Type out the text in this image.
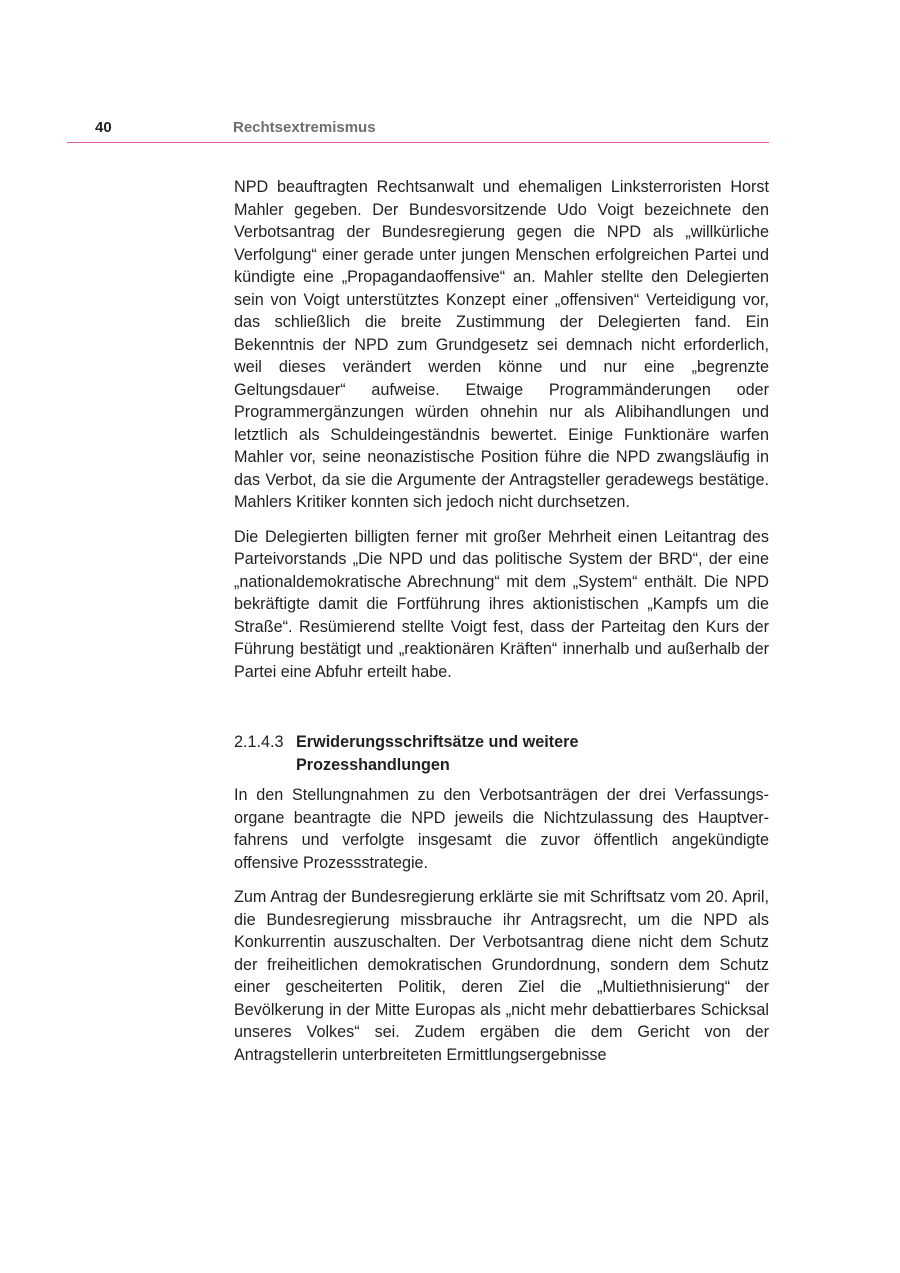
40	Rechtsextremismus

NPD beauftragten Rechtsanwalt und ehemaligen Linksterroristen Horst Mahler gegeben. Der Bundesvorsitzende Udo Voigt bezeichnete den Verbotsantrag der Bundesregierung gegen die NPD als „willkürliche Verfolgung“ einer gerade unter jungen Menschen erfolgreichen Partei und kündigte eine „Propagandaoffensive“ an. Mahler stellte den Delegierten sein von Voigt unterstütztes Konzept einer „offensiven“ Verteidigung vor, das schließlich die breite Zustimmung der Delegierten fand. Ein Bekenntnis der NPD zum Grundgesetz sei demnach nicht erforderlich, weil dieses verändert werden könne und nur eine „begrenzte Geltungsdauer“ aufweise. Etwaige Programmänderungen oder Programmergänzungen würden ohnehin nur als Alibihandlungen und letztlich als Schuldeingeständnis bewertet. Einige Funktionäre warfen Mahler vor, seine neonazistische Position führe die NPD zwangsläufig in das Verbot, da sie die Argumente der Antragsteller geradewegs bestätige. Mahlers Kritiker konnten sich jedoch nicht durchsetzen.

Die Delegierten billigten ferner mit großer Mehrheit einen Leitantrag des Parteivorstands „Die NPD und das politische System der BRD“, der eine „nationaldemokratische Abrechnung“ mit dem „System“ enthält. Die NPD bekräftigte damit die Fortführung ihres aktionistischen „Kampfs um die Straße“. Resümierend stellte Voigt fest, dass der Parteitag den Kurs der Führung bestätigt und „reaktionären Kräften“ innerhalb und außerhalb der Partei eine Abfuhr erteilt habe.

2.1.4.3 Erwiderungsschriftsätze und weitere
Prozesshandlungen

In den Stellungnahmen zu den Verbotsanträgen der drei Verfassungsorgane beantragte die NPD jeweils die Nichtzulassung des Hauptverfahrens und verfolgte insgesamt die zuvor öffentlich angekündigte offensive Prozessstrategie.

Zum Antrag der Bundesregierung erklärte sie mit Schriftsatz vom 20. April, die Bundesregierung missbrauche ihr Antragsrecht, um die NPD als Konkurrentin auszuschalten. Der Verbotsantrag diene nicht dem Schutz der freiheitlichen demokratischen Grundordnung, sondern dem Schutz einer gescheiterten Politik, deren Ziel die „Multiethnisierung“ der Bevölkerung in der Mitte Europas als „nicht mehr debattierbares Schicksal unseres Volkes“ sei. Zudem ergäben die dem Gericht von der Antragstellerin unterbreiteten Ermittlungsergebnisse
